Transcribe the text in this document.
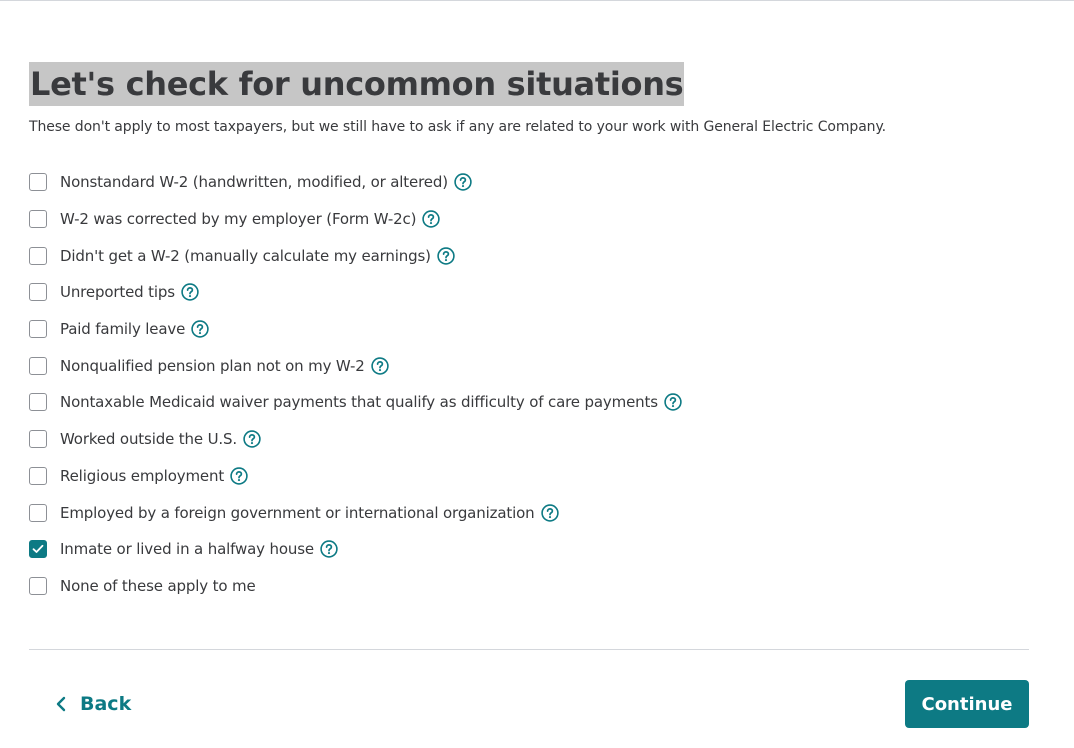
Let's check for uncommon situations

These don't apply to most taxpayers, but we still have to ask if any are related to your work with General Electric Company.

Nonstandard W-2 (handwritten, modified, or altered)
W-2 was corrected by my employer (Form W-2c)
Didn't get a W-2 (manually calculate my earnings)
Unreported tips
Paid family leave
Nonqualified pension plan not on my W-2
Nontaxable Medicaid waiver payments that qualify as difficulty of care payments
Worked outside the U.S.
Religious employment
Employed by a foreign government or international organization
Inmate or lived in a halfway house
None of these apply to me
Back	Continue
